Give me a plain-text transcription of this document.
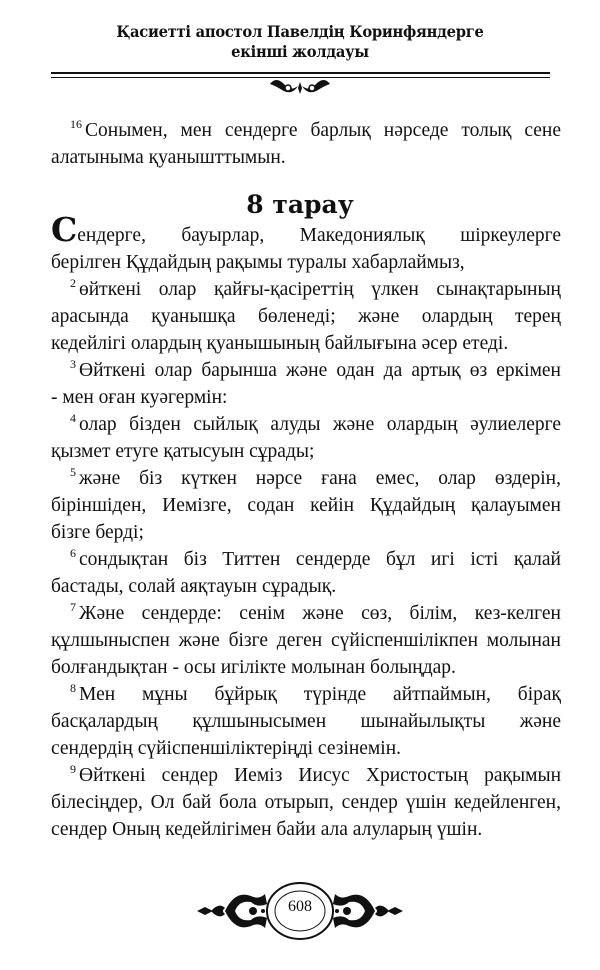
Қасиетті апостол Павелдің Коринфяндерге
екінші жолдауы
$^{16}$ Сонымен, мен сендерге барлық нәрседе толық сене
алатыныма қуанышттымын.
8 тарау
Сендерге, бауырлар, Македониялық шіркеулерге
берілген Құдайдың рақымы туралы хабарлаймыз,
$^2$ өйткені олар қайғы-қасіреттің үлкен сынақтарының
арасында қуанышқа бөленеді; және олардың терең
кедейлігі олардың қуанышының байлығына әсер етеді.
$^3$ Өйткені олар барынша және одан да артық өз еркімен
- мен оған куәгермін:
$^4$ олар бізден сыйлық алуды және олардың әулиелерге
қызмет етуге қатысуын сұрады;
$^5$ және біз күткен нәрсе ғана емес, олар өздерін,
біріншіден, Иемізге, содан кейін Құдайдың қалауымен
бізге берді;
$^6$ сондықтан біз Титтен сендерде бұл игі істі қалай
бастады, солай аяқтауын сұрадық.
$^7$ Және сендерде: сенім және сөз, білім, кез-келген
құлшыныспен және бізге деген сүйіспеншілікпен молынан
болғандықтан - осы игілікте молынан болыңдар.
$^8$ Мен мұны бұйрық түрінде айтпаймын, бірақ
басқалардың құлшынысымен шынайылықты және
сендердің сүйіспеншіліктеріңді сезінемін.
$^9$ Өйткені сендер Иеміз Иисус Христостың рақымын
білесіңдер, Ол бай бола отырып, сендер үшін кедейленген,
сендер Оның кедейлігімен байи ала алуларың үшін.
608
